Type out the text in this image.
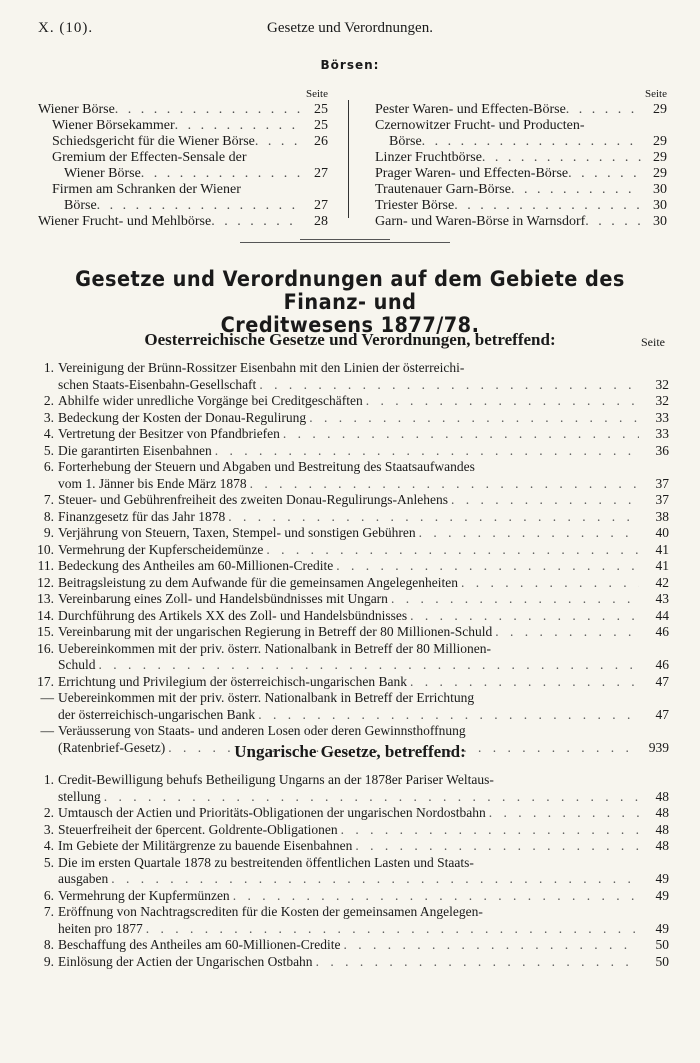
X. (10).	Gesetze und Verordnungen.
Börsen:
Seite
Wiener Börse . . .	25
Wiener Börsekammer . . .	25
Schiedsgericht für die Wiener Börse . . .	26
Gremium der Effecten-Sensale der
Wiener Börse . . .	27
Firmen am Schranken der Wiener
Börse . . .	27
Wiener Frucht- und Mehlbörse . . .	28
Seite
Pester Waren- und Effecten-Börse . . .	29
Czernowitzer Frucht- und Producten-
Börse . . .	29
Linzer Fruchtbörse . . .	29
Prager Waren- und Effecten-Börse . . .	29
Trautenauer Garn-Börse . . .	30
Triester Börse . . .	30
Garn- und Waren-Börse in Warnsdorf . . .	30
Gesetze und Verordnungen auf dem Gebiete des Finanz- und
Creditwesens 1877/78.
Oesterreichische Gesetze und Verordnungen, betreffend:	Seite
1. Vereinigung der Brünn-Rossitzer Eisenbahn mit den Linien der österreichi-
schen Staats-Eisenbahn-Gesellschaft . . .	32
2. Abhilfe wider unredliche Vorgänge bei Creditgeschäften . . .	32
3. Bedeckung der Kosten der Donau-Regulirung . . .	33
4. Vertretung der Besitzer von Pfandbriefen . . .	33
5. Die garantirten Eisenbahnen . . .	36
6. Forterhebung der Steuern und Abgaben und Bestreitung des Staatsaufwandes
vom 1. Jänner bis Ende März 1878 . . .	37
7. Steuer- und Gebührenfreiheit des zweiten Donau-Regulirungs-Anlehens . . .	37
8. Finanzgesetz für das Jahr 1878 . . .	38
9. Verjährung von Steuern, Taxen, Stempel- und sonstigen Gebühren . . .	40
10. Vermehrung der Kupferscheidemünze . . .	41
11. Bedeckung des Antheiles am 60-Millionen-Credite . . .	41
12. Beitragsleistung zu dem Aufwande für die gemeinsamen Angelegenheiten . . .	42
13. Vereinbarung eines Zoll- und Handelsbündnisses mit Ungarn . . .	43
14. Durchführung des Artikels XX des Zoll- und Handelsbündnisses . . .	44
15. Vereinbarung mit der ungarischen Regierung in Betreff der 80 Millionen-Schuld . . .	46
16. Uebereinkommen mit der priv. österr. Nationalbank in Betreff der 80 Millionen-
Schuld . . .	46
17. Errichtung und Privilegium der österreichisch-ungarischen Bank . . .	47
— Uebereinkommen mit der priv. österr. Nationalbank in Betreff der Errichtung
der österreichisch-ungarischen Bank . . .	47
— Veräusserung von Staats- und anderen Losen oder deren Gewinnsthoffnung
(Ratenbrief-Gesetz) . . .	939
Ungarische Gesetze, betreffend:
1. Credit-Bewilligung behufs Betheiligung Ungarns an der 1878er Pariser Weltaus-
stellung . . .	48
2. Umtausch der Actien und Prioritäts-Obligationen der ungarischen Nordostbahn . . .	48
3. Steuerfreiheit der 6percent. Goldrente-Obligationen . . .	48
4. Im Gebiete der Militärgrenze zu bauende Eisenbahnen . . .	48
5. Die im ersten Quartale 1878 zu bestreitenden öffentlichen Lasten und Staats-
ausgaben . . .	49
6. Vermehrung der Kupfermünzen . . .	49
7. Eröffnung von Nachtragscrediten für die Kosten der gemeinsamen Angelegen-
heiten pro 1877 . . .	49
8. Beschaffung des Antheiles am 60-Millionen-Credite . . .	50
9. Einlösung der Actien der Ungarischen Ostbahn . . .	50
